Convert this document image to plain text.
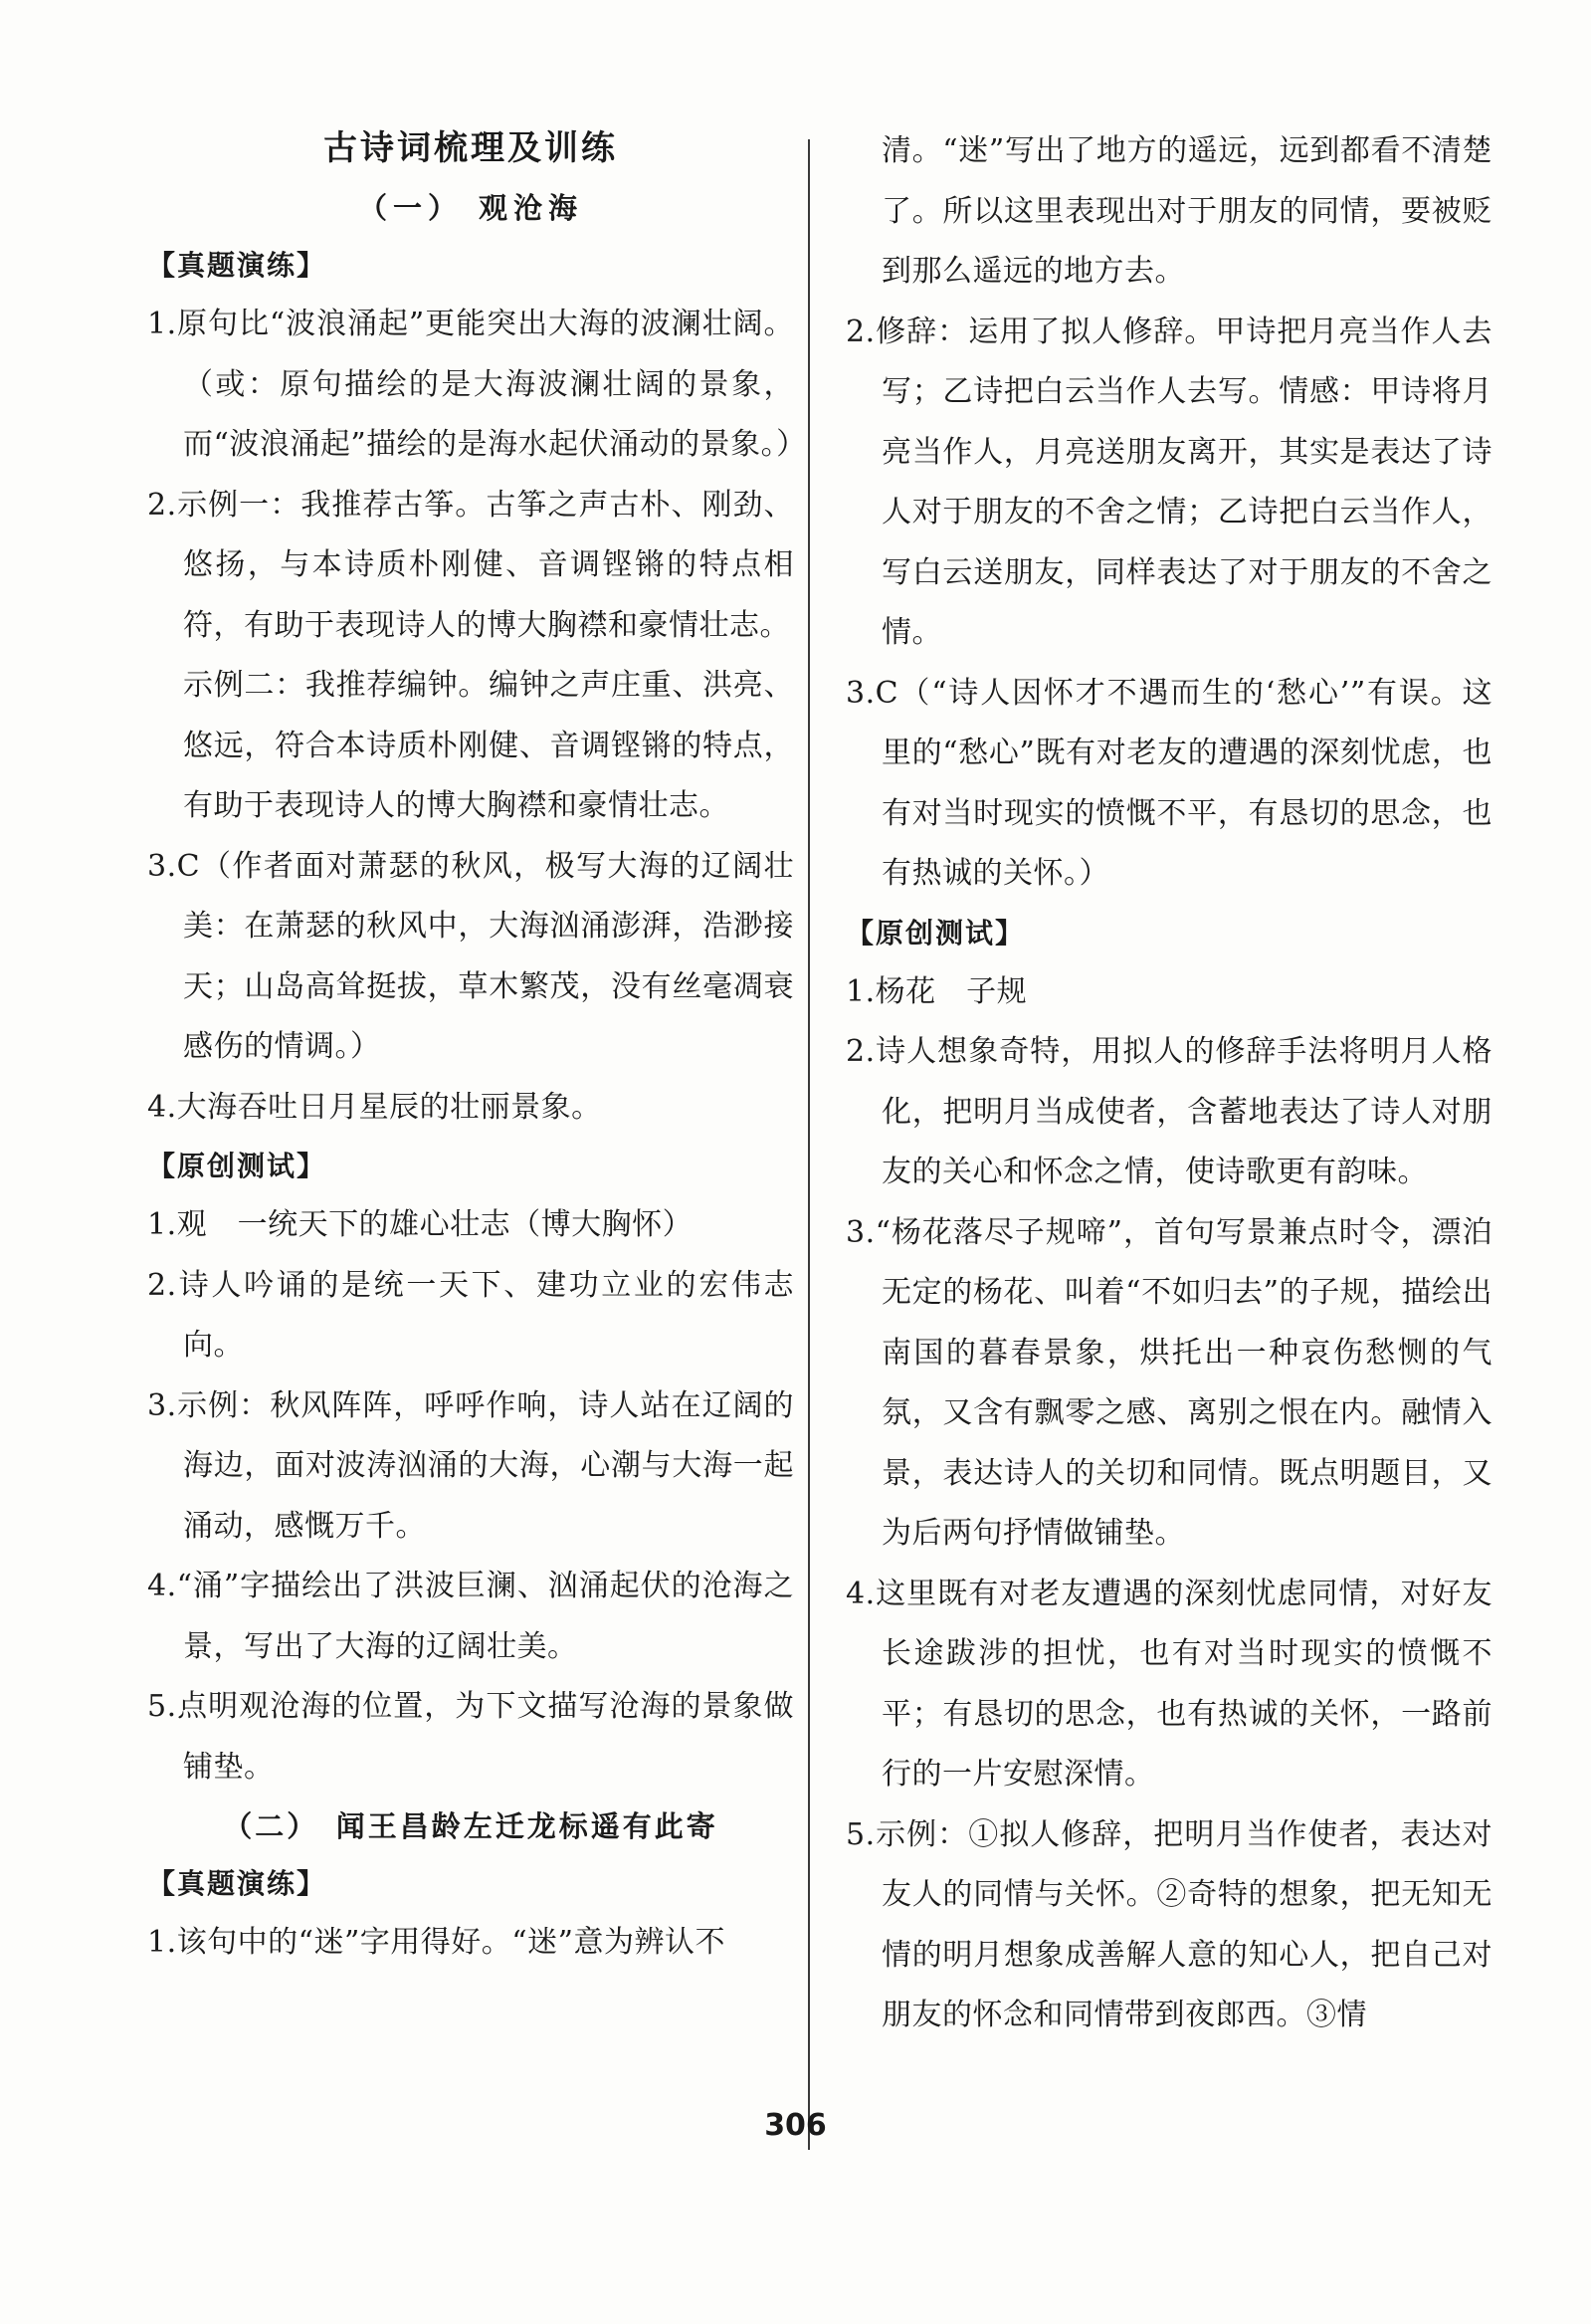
古诗词梳理及训练
（一） 观沧海
【真题演练】
1.原句比“波浪涌起”更能突出大海的波澜壮阔。（或：原句描绘的是大海波澜壮阔的景象，而“波浪涌起”描绘的是海水起伏涌动的景象。）
2.示例一：我推荐古筝。古筝之声古朴、刚劲、悠扬，与本诗质朴刚健、音调铿锵的特点相符，有助于表现诗人的博大胸襟和豪情壮志。
示例二：我推荐编钟。编钟之声庄重、洪亮、悠远，符合本诗质朴刚健、音调铿锵的特点，有助于表现诗人的博大胸襟和豪情壮志。
3.C（作者面对萧瑟的秋风，极写大海的辽阔壮美：在萧瑟的秋风中，大海汹涌澎湃，浩渺接天；山岛高耸挺拔，草木繁茂，没有丝毫凋衰感伤的情调。）
4.大海吞吐日月星辰的壮丽景象。
【原创测试】
1.观　一统天下的雄心壮志（博大胸怀）
2.诗人吟诵的是统一天下、建功立业的宏伟志向。
3.示例：秋风阵阵，呼呼作响，诗人站在辽阔的海边，面对波涛汹涌的大海，心潮与大海一起涌动，感慨万千。
4.“涌”字描绘出了洪波巨澜、汹涌起伏的沧海之景，写出了大海的辽阔壮美。
5.点明观沧海的位置，为下文描写沧海的景象做铺垫。
（二）　闻王昌龄左迁龙标遥有此寄
【真题演练】
1.该句中的“迷”字用得好。“迷”意为辨认不
清。“迷”写出了地方的遥远，远到都看不清楚了。所以这里表现出对于朋友的同情，要被贬到那么遥远的地方去。
2.修辞：运用了拟人修辞。甲诗把月亮当作人去写；乙诗把白云当作人去写。情感：甲诗将月亮当作人，月亮送朋友离开，其实是表达了诗人对于朋友的不舍之情；乙诗把白云当作人，写白云送朋友，同样表达了对于朋友的不舍之情。
3.C（“诗人因怀才不遇而生的‘愁心’”有误。这里的“愁心”既有对老友的遭遇的深刻忧虑，也有对当时现实的愤慨不平，有恳切的思念，也有热诚的关怀。）
【原创测试】
1.杨花　子规
2.诗人想象奇特，用拟人的修辞手法将明月人格化，把明月当成使者，含蓄地表达了诗人对朋友的关心和怀念之情，使诗歌更有韵味。
3.“杨花落尽子规啼”，首句写景兼点时令，漂泊无定的杨花、叫着“不如归去”的子规，描绘出南国的暮春景象，烘托出一种哀伤愁恻的气氛，又含有飘零之感、离别之恨在内。融情入景，表达诗人的关切和同情。既点明题目，又为后两句抒情做铺垫。
4.这里既有对老友遭遇的深刻忧虑同情，对好友长途跋涉的担忧，也有对当时现实的愤慨不平；有恳切的思念，也有热诚的关怀，一路前行的一片安慰深情。
5.示例：①拟人修辞，把明月当作使者，表达对友人的同情与关怀。②奇特的想象，把无知无情的明月想象成善解人意的知心人，把自己对朋友的怀念和同情带到夜郎西。③情
306
